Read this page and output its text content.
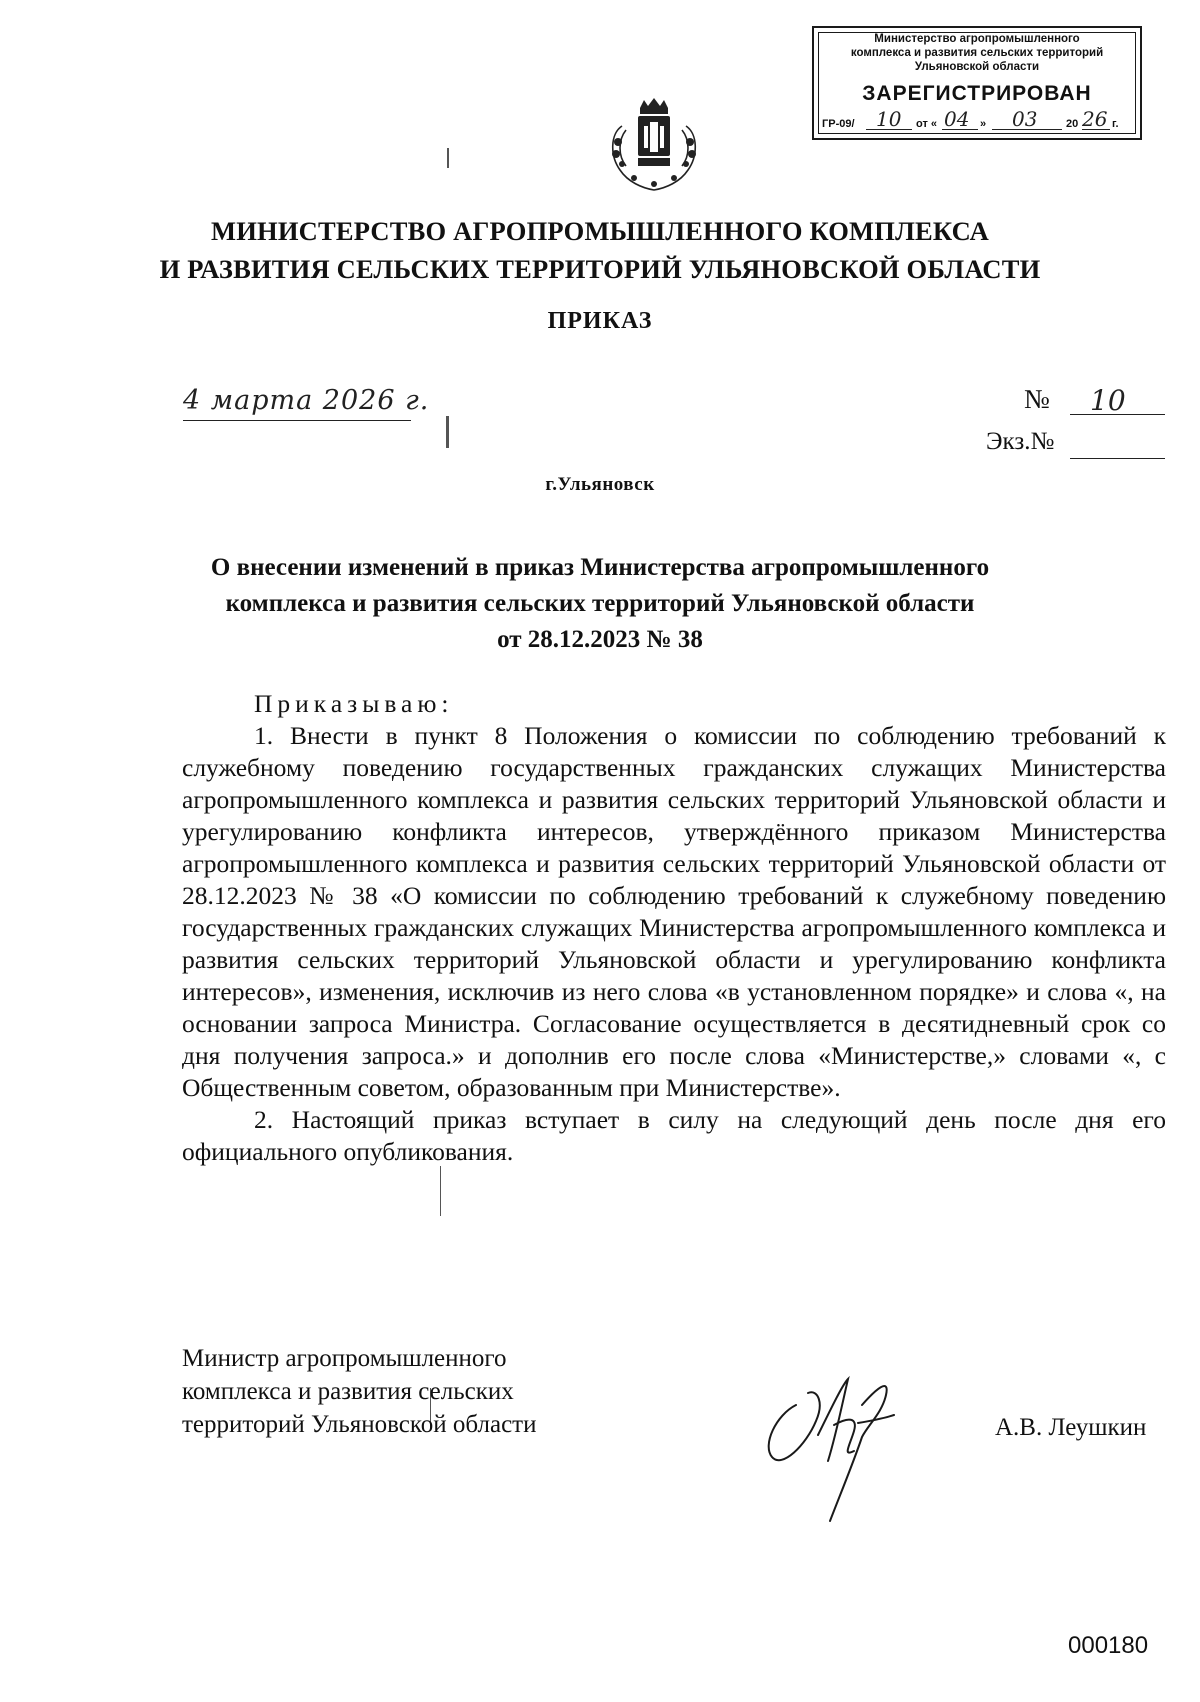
Министерство агропромышленного
комплекса и развития сельских территорий
Ульяновской области
ЗАРЕГИСТРИРОВАН
ГР-09/ 10 от « 04 » 03	20 26 г.
МИНИСТЕРСТВО АГРОПРОМЫШЛЕННОГО КОМПЛЕКСА
И РАЗВИТИЯ СЕЛЬСКИХ ТЕРРИТОРИЙ УЛЬЯНОВСКОЙ ОБЛАСТИ
ПРИКАЗ
4 марта 2026 г.	№ 10
Экз.№
г.Ульяновск
О внесении изменений в приказ Министерства агропромышленного
комплекса и развития сельских территорий Ульяновской области
от 28.12.2023 № 38

Приказываю:

1. Внести в пункт 8 Положения о комиссии по соблюдению требований к служебному поведению государственных гражданских служащих Министерства агропромышленного комплекса и развития сельских территорий Ульяновской области и урегулированию конфликта интересов, утверждённого приказом Министерства агропромышленного комплекса и развития сельских территорий Ульяновской области от 28.12.2023 № 38 «О комиссии по соблюдению требований к служебному поведению государственных гражданских служащих Министерства агропромышленного комплекса и развития сельских территорий Ульяновской области и урегулированию конфликта интересов», изменения, исключив из него слова «в установленном порядке» и слова «, на основании запроса Министра. Согласование осуществляется в десятидневный срок со дня получения запроса.» и дополнив его после слова «Министерстве,» словами «, с Общественным советом, образованным при Министерстве».

2. Настоящий приказ вступает в силу на следующий день после дня его официального опубликования.

Министр агропромышленного
комплекса и развития сельских
территорий Ульяновской области	А.В. Леушкин
000180
